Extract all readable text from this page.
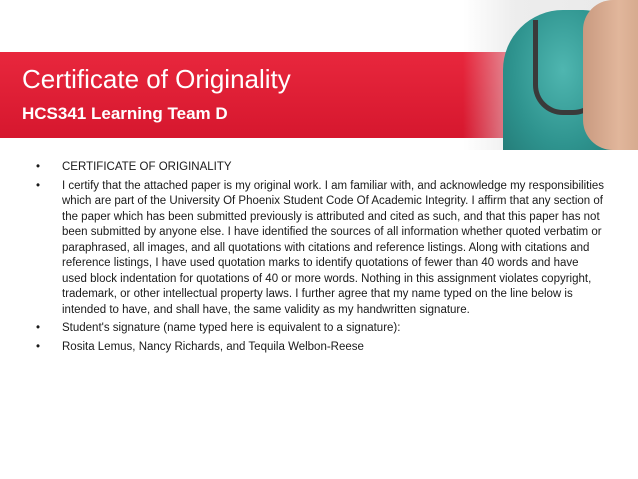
Certificate of Originality
HCS341 Learning Team D
•	CERTIFICATE OF ORIGINALITY
•	I certify that the attached paper is my original work. I am familiar with, and acknowledge my responsibilities which are part of the University Of Phoenix Student Code Of Academic Integrity. I affirm that any section of the paper which has been submitted previously is attributed and cited as such, and that this paper has not been submitted by anyone else. I have identified the sources of all information whether quoted verbatim or paraphrased, all images, and all quotations with citations and reference listings. Along with citations and reference listings, I have used quotation marks to identify quotations of fewer than 40 words and have used block indentation for quotations of 40 or more words. Nothing in this assignment violates copyright, trademark, or other intellectual property laws. I further agree that my name typed on the line below is intended to have, and shall have, the same validity as my handwritten signature.
•	Student's signature (name typed here is equivalent to a signature):
•	Rosita Lemus, Nancy Richards, and Tequila Welbon-Reese
